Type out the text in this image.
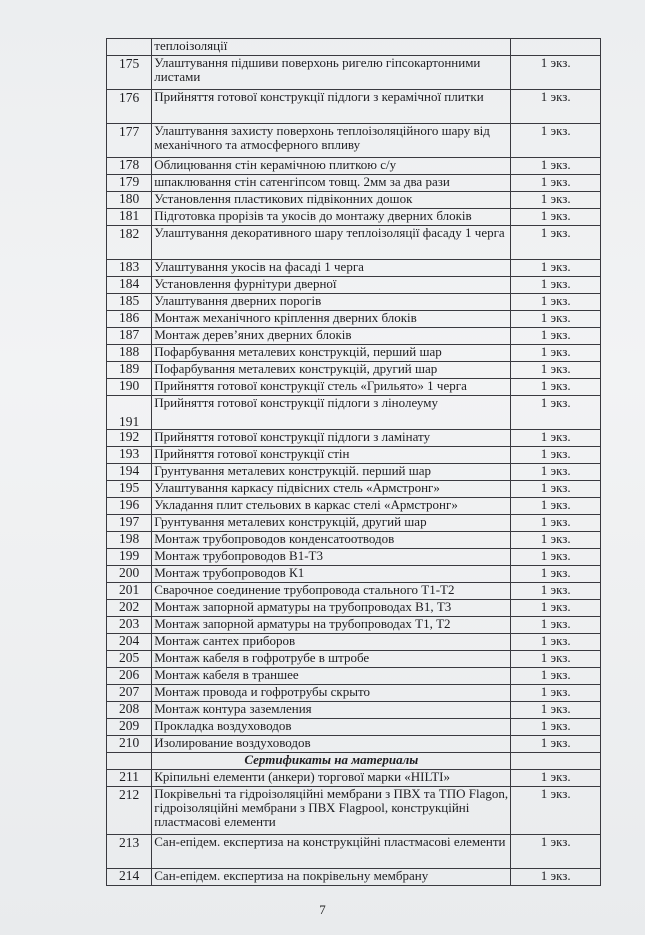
	теплоізоляції	
175	Улаштування підшиви поверхонь ригелю гіпсокартонними листами	1 экз.
176	Прийняття готової конструкції підлоги з керамічної плитки	1 экз.
177	Улаштування захисту поверхонь теплоізоляційного шару від механічного та атмосферного впливу	1 экз.
178	Облицювання стін керамічною плиткою с/у	1 экз.
179	шпаклювання стін сатенгіпсом товщ. 2мм за два рази	1 экз.
180	Установлення пластикових підвіконних дошок	1 экз.
181	Підготовка прорізів та укосів до монтажу дверних блоків	1 экз.
182	Улаштування декоративного шару теплоізоляції фасаду 1 черга	1 экз.
183	Улаштування укосів на фасаді 1 черга	1 экз.
184	Установлення фурнітури дверної	1 экз.
185	Улаштування дверних порогів	1 экз.
186	Монтаж механічного кріплення дверних блоків	1 экз.
187	Монтаж дерев’яних дверних блоків	1 экз.
188	Пофарбування металевих конструкцій, перший шар	1 экз.
189	Пофарбування металевих конструкцій, другий шар	1 экз.
190	Прийняття готової конструкції стель «Грильято» 1 черга	1 экз.
191	Прийняття готової конструкції підлоги з лінолеуму	1 экз.
192	Прийняття готової конструкції підлоги з ламінату	1 экз.
193	Прийняття готової конструкції стін	1 экз.
194	Грунтування металевих конструкцій. перший шар	1 экз.
195	Улаштування каркасу підвісних стель «Армстронг»	1 экз.
196	Укладання плит стельових в каркас стелі «Армстронг»	1 экз.
197	Грунтування металевих конструкцій, другий шар	1 экз.
198	Монтаж трубопроводов конденсатоотводов	1 экз.
199	Монтаж трубопроводов В1-Т3	1 экз.
200	Монтаж трубопроводов К1	1 экз.
201	Сварочное соединение трубопровода стального Т1-Т2	1 экз.
202	Монтаж запорной арматуры на трубопроводах В1, Т3	1 экз.
203	Монтаж запорной арматуры на трубопроводах Т1, Т2	1 экз.
204	Монтаж сантех приборов	1 экз.
205	Монтаж кабеля в гофротрубе в штробе	1 экз.
206	Монтаж кабеля в траншее	1 экз.
207	Монтаж провода и гофротрубы скрыто	1 экз.
208	Монтаж контура заземления	1 экз.
209	Прокладка воздуховодов	1 экз.
210	Изолирование воздуховодов	1 экз.
	Сертификаты на материалы	
211	Кріпильні елементи (анкери) торгової марки «HILTI»	1 экз.
212	Покрівельні та гідроізоляційні мембрани з ПВХ та ТПО Flagon, гідроізоляційні мембрани з ПВХ Flagpool, конструкційні пластмасові елементи	1 экз.
213	Сан-епідем. експертиза на конструкційні пластмасові елементи	1 экз.
214	Сан-епідем. експертиза на покрівельну мембрану	1 экз.
7
